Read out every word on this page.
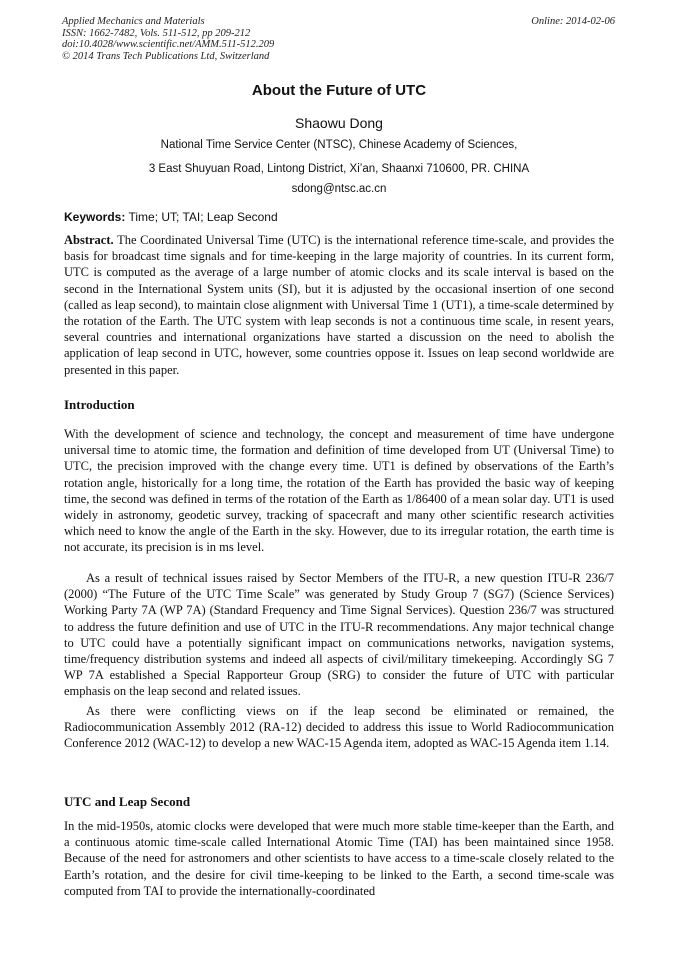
Applied Mechanics and Materials
ISSN: 1662-7482, Vols. 511-512, pp 209-212
doi:10.4028/www.scientific.net/AMM.511-512.209
© 2014 Trans Tech Publications Ltd, Switzerland
Online: 2014-02-06
About the Future of UTC
Shaowu Dong
National Time Service Center (NTSC), Chinese Academy of Sciences,
3 East Shuyuan Road, Lintong District, Xi’an, Shaanxi 710600, PR. CHINA
sdong@ntsc.ac.cn
Keywords: Time; UT; TAI; Leap Second
Abstract. The Coordinated Universal Time (UTC) is the international reference time-scale, and provides the basis for broadcast time signals and for time-keeping in the large majority of countries. In its current form, UTC is computed as the average of a large number of atomic clocks and its scale interval is based on the second in the International System units (SI), but it is adjusted by the occasional insertion of one second (called as leap second), to maintain close alignment with Universal Time 1 (UT1), a time-scale determined by the rotation of the Earth. The UTC system with leap seconds is not a continuous time scale, in resent years, several countries and international organizations have started a discussion on the need to abolish the application of leap second in UTC, however, some countries oppose it. Issues on leap second worldwide are presented in this paper.
Introduction
With the development of science and technology, the concept and measurement of time have undergone universal time to atomic time, the formation and definition of time developed from UT (Universal Time) to UTC, the precision improved with the change every time. UT1 is defined by observations of the Earth’s rotation angle, historically for a long time, the rotation of the Earth has provided the basic way of keeping time, the second was defined in terms of the rotation of the Earth as 1/86400 of a mean solar day. UT1 is used widely in astronomy, geodetic survey, tracking of spacecraft and many other scientific research activities which need to know the angle of the Earth in the sky. However, due to its irregular rotation, the earth time is not accurate, its precision is in ms level.
As a result of technical issues raised by Sector Members of the ITU-R, a new question ITU-R 236/7 (2000) “The Future of the UTC Time Scale” was generated by Study Group 7 (SG7) (Science Services) Working Party 7A (WP 7A) (Standard Frequency and Time Signal Services). Question 236/7 was structured to address the future definition and use of UTC in the ITU-R recommendations. Any major technical change to UTC could have a potentially significant impact on communications networks, navigation systems, time/frequency distribution systems and indeed all aspects of civil/military timekeeping. Accordingly SG 7 WP 7A established a Special Rapporteur Group (SRG) to consider the future of UTC with particular emphasis on the leap second and related issues.
As there were conflicting views on if the leap second be eliminated or remained, the Radiocommunication Assembly 2012 (RA-12) decided to address this issue to World Radiocommunication Conference 2012 (WAC-12) to develop a new WAC-15 Agenda item, adopted as WAC-15 Agenda item 1.14.
UTC and Leap Second
In the mid-1950s, atomic clocks were developed that were much more stable time-keeper than the Earth, and a continuous atomic time-scale called International Atomic Time (TAI) has been maintained since 1958. Because of the need for astronomers and other scientists to have access to a time-scale closely related to the Earth’s rotation, and the desire for civil time-keeping to be linked to the Earth, a second time-scale was computed from TAI to provide the internationally-coordinated
